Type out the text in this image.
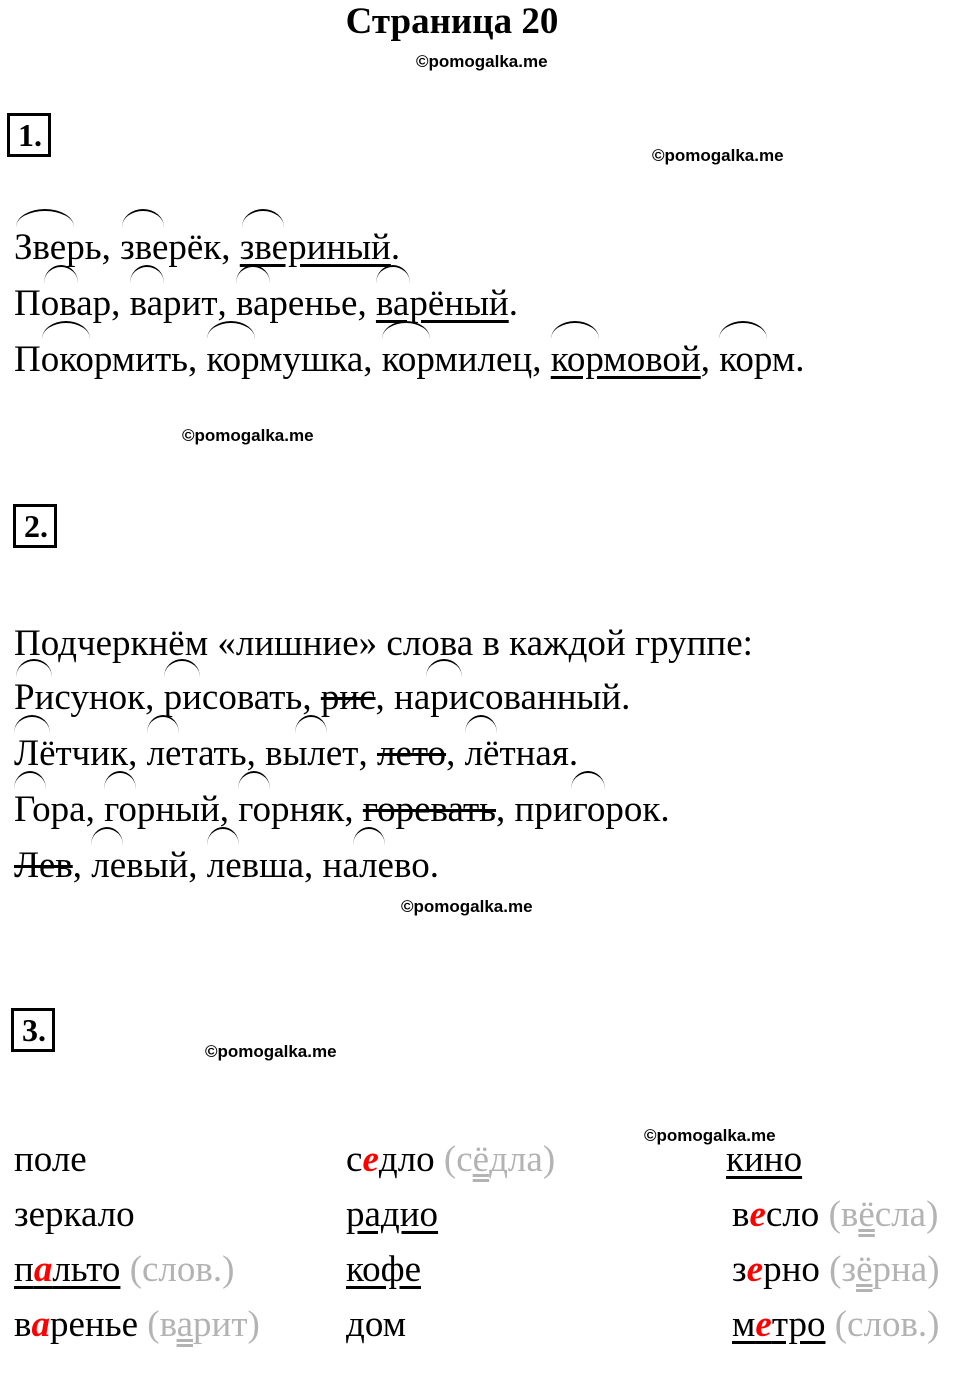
Страница 20
©pomogalka.me
1.
©pomogalka.me
Зверь,
зверёк,
звериный.
Повар,
варит,
варенье,
варёный.
Покормить,
кормушка,
кормилец,
кормовой,
корм.
©pomogalka.me
2.
Подчеркнём «лишние» слова в каждой группе:
Рисунок,
рисовать, рис,
нарисованный.
Лётчик,
летать,
вылет, лето,
лётная.
Гора,
горный,
горняк, горевать,
пригорок.
Лев,
левый,
левша,
налево.
©pomogalka.me
3.
©pomogalka.me
©pomogalka.me
поле
зеркало
пальто (слов.)
варенье (варит)
седло (сёдла)
радио
кофе
дом
кино
весло (вёсла)
зерно (зёрна)
метро (слов.)
